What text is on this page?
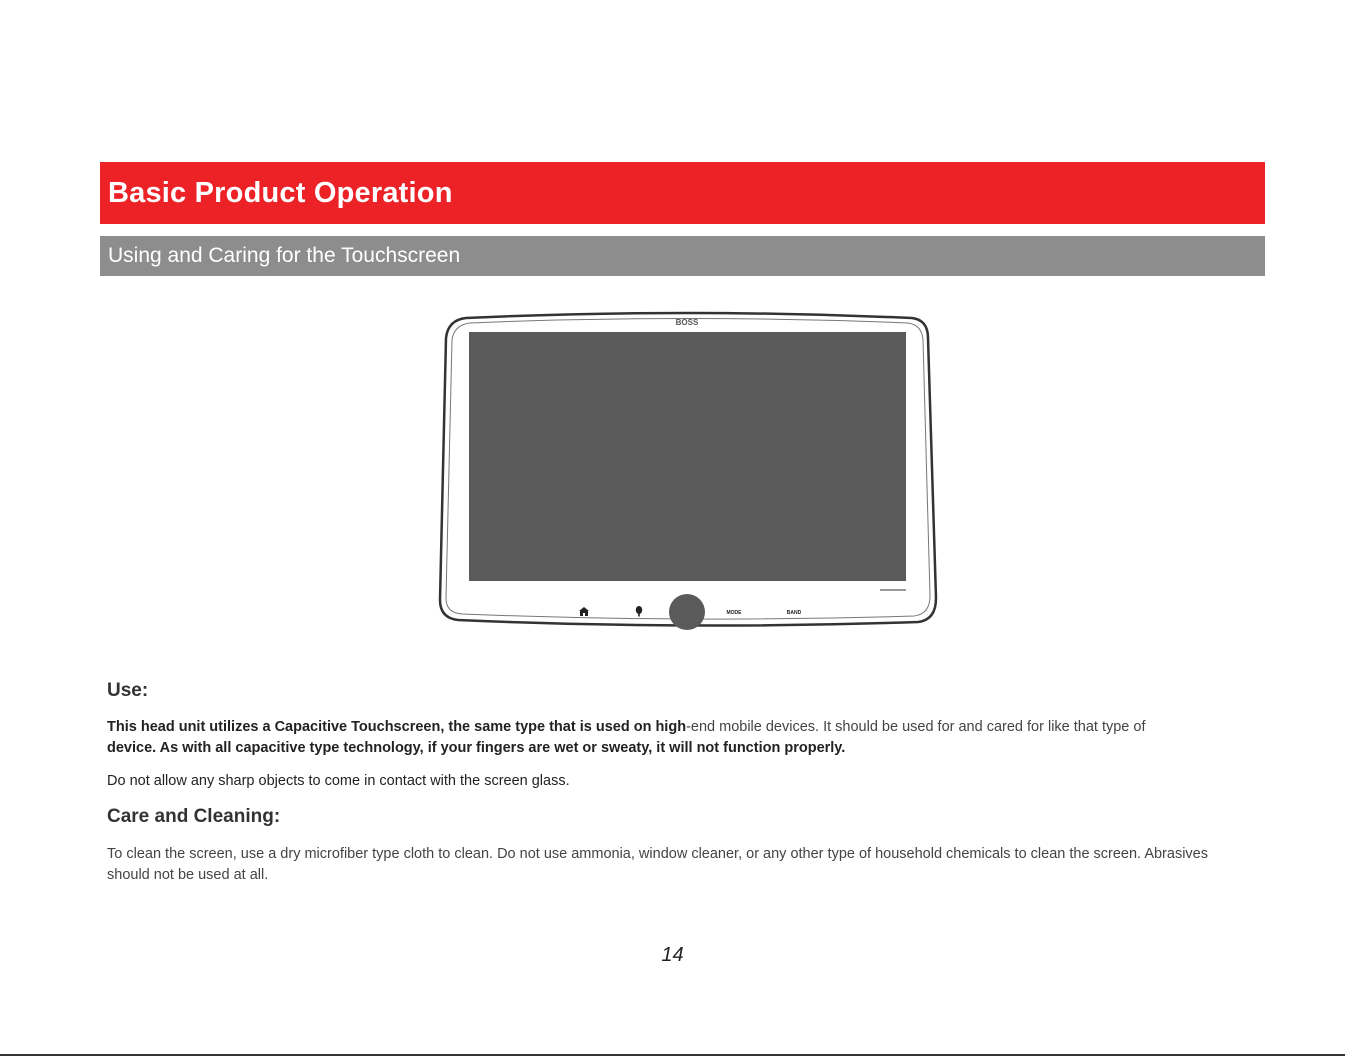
Basic Product Operation
Using and Caring for the Touchscreen
BOSS
MODE	BAND

Use:

This head unit utilizes a Capacitive Touchscreen, the same type that is used on high-end mobile devices. It should be used for and cared for like that type of
device. As with all capacitive type technology, if your fingers are wet or sweaty, it will not function properly.

Do not allow any sharp objects to come in contact with the screen glass.

Care and Cleaning:

To clean the screen, use a dry microfiber type cloth to clean. Do not use ammonia, window cleaner, or any other type of household chemicals to clean the screen. Abrasives should not be used at all.

14
